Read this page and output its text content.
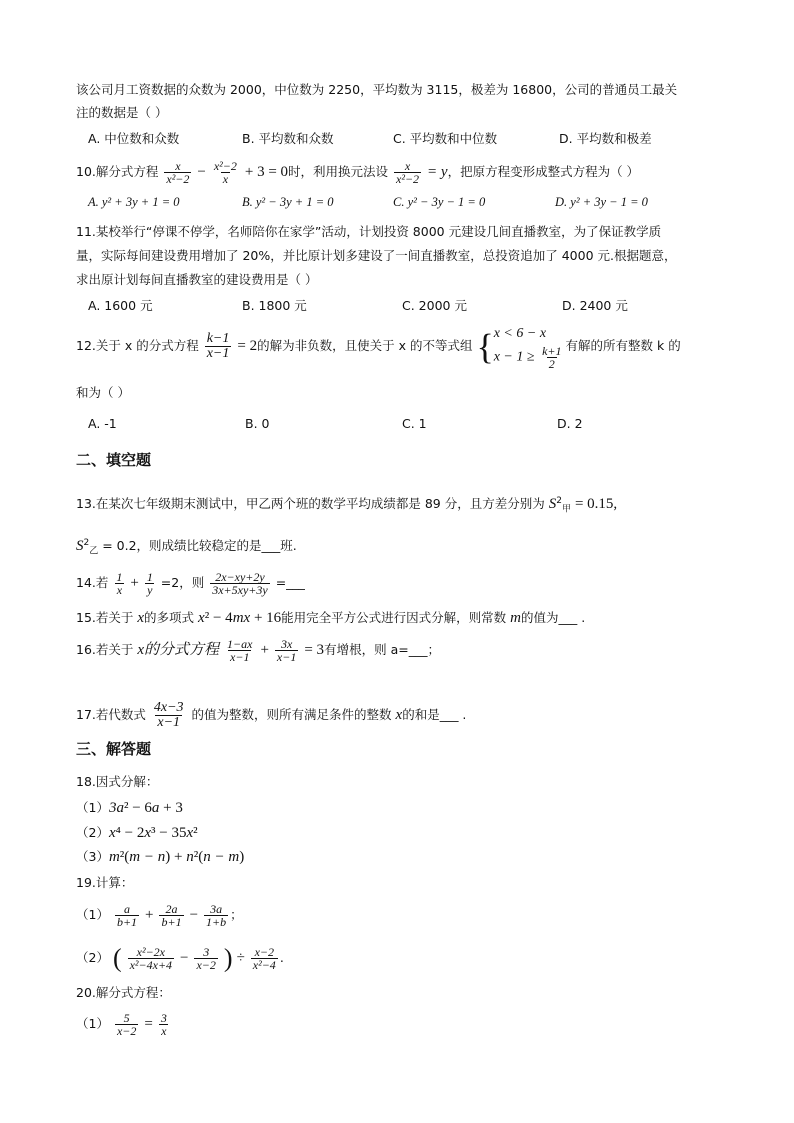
该公司月工资数据的众数为 2000，中位数为 2250，平均数为 3115，极差为 16800，公司的普通员工最关
注的数据是（ ）
A. 中位数和众数	B. 平均数和众数	C. 平均数和中位数	D. 平均数和极差
10.解分式方程 $\frac{x}{\text{x²−2}} - \frac{\text{x²−2}}{x} + 3 = 0$时，利用换元法设 $\frac{x}{\text{x²−2}} = y$，把原方程变形成整式方程为（ ）
A. y² + 3y + 1 = 0	B. y² − 3y + 1 = 0	C. y² − 3y − 1 = 0	D. y² + 3y − 1 = 0
11.某校举行“停课不停学，名师陪你在家学”活动，计划投资 8000 元建设几间直播教室，为了保证教学质
量，实际每间建设费用增加了 20%，并比原计划多建设了一间直播教室，总投资追加了 4000 元.根据题意，
求出原计划每间直播教室的建设费用是（ ）
A. 1600 元	B. 1800 元	C. 2000 元	D. 2400 元
12.关于 x 的分式方程 $\frac{k-1}{x-1} = 2$的解为非负数，且使关于 x 的不等式组 { x < 6 − x
$x - 1 \ge \frac{k+1}{2}$ 有解的所有整数 k 的
和为（ ）
A. -1	B. 0	C. 1	D. 2
二、填空题
13.在某次七年级期末测试中，甲乙两个班的数学平均成绩都是 89 分，且方差分别为 $S^2_甲 = 0.15$,
$S^2_乙 = 0.2$，则成绩比较稳定的是___班.
14.若 $\frac{1}{x} + \frac{1}{y} =2$，则 $\frac{2x-xy+2y}{3x+5xy+3y}$ =___
15.若关于 x的多项式 x² − 4mx + 16能用完全平方公式进行因式分解，则常数 m的值为___ .
16.若关于 x的分式方程 $\frac{1-ax}{x-1} + \frac{3x}{x-1} = 3$有增根，则 a=___；
17.若代数式 $\frac{4x-3}{x-1}$ 的值为整数，则所有满足条件的整数 x的和是___ .
三、解答题
18.因式分解：
（1）3a² − 6a + 3
（2）x⁴ − 2x³ − 35x²
（3）m²(m − n) + n²(n − m)
19.计算：
$(1) \frac{a}{b+1} + \frac{2a}{b+1} - \frac{3a}{1+b}$ ；
（2） ( $\frac{\text{x²−2x}}{\text{x²−4x+4}} - \frac{3}{x-2}$ ) ÷ $\frac{x-2}{\text{x²−4}}$ .
20.解分式方程：
$(1) \frac{5}{x-2} = \frac{3}{x}$
